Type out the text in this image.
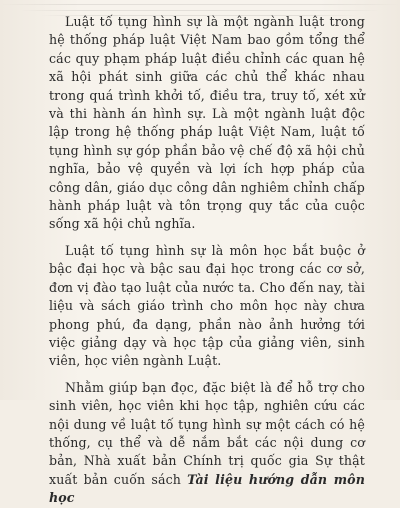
Luật tố tụng hình sự là một ngành luật trong hệ thống pháp luật Việt Nam bao gồm tổng thể các quy phạm pháp luật điều chỉnh các quan hệ xã hội phát sinh giữa các chủ thể khác nhau trong quá trình khởi tố, điều tra, truy tố, xét xử và thi hành án hình sự. Là một ngành luật độc lập trong hệ thống pháp luật Việt Nam, luật tố tụng hình sự góp phần bảo vệ chế độ xã hội chủ nghĩa, bảo vệ quyền và lợi ích hợp pháp của công dân, giáo dục công dân nghiêm chỉnh chấp hành pháp luật và tôn trọng quy tắc của cuộc sống xã hội chủ nghĩa.

Luật tố tụng hình sự là môn học bắt buộc ở bậc đại học và bậc sau đại học trong các cơ sở, đơn vị đào tạo luật của nước ta. Cho đến nay, tài liệu và sách giáo trình cho môn học này chưa phong phú, đa dạng, phần nào ảnh hưởng tới việc giảng dạy và học tập của giảng viên, sinh viên, học viên ngành Luật.

Nhằm giúp bạn đọc, đặc biệt là để hỗ trợ cho sinh viên, học viên khi học tập, nghiên cứu các nội dung về luật tố tụng hình sự một cách có hệ thống, cụ thể và dễ nắm bắt các nội dung cơ bản, Nhà xuất bản Chính trị quốc gia Sự thật xuất bản cuốn sách Tài liệu hướng dẫn môn học
